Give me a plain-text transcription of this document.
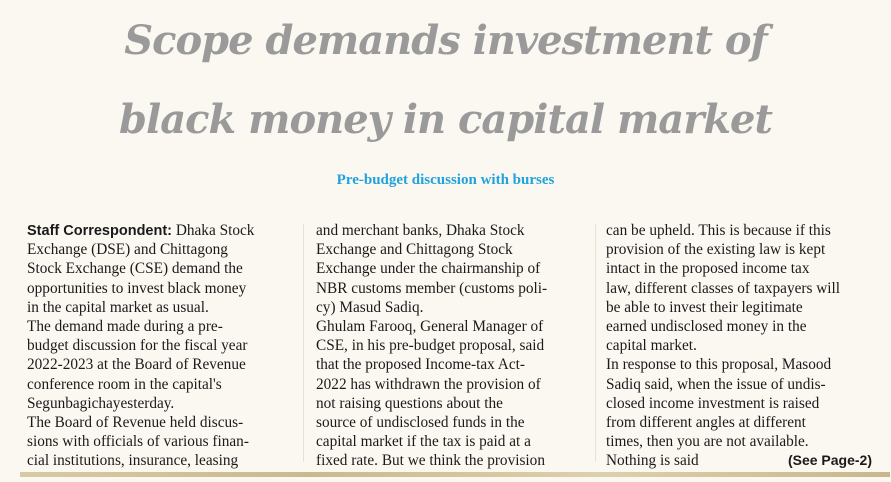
Scope demands investment of
black money in capital market
Pre-budget discussion with burses
Staff Correspondent: Dhaka Stock
Exchange (DSE) and Chittagong
Stock Exchange (CSE) demand the
opportunities to invest black money
in the capital market as usual.
The demand made during a pre-
budget discussion for the fiscal year
2022-2023 at the Board of Revenue
conference room in the capital's
Segunbagichayesterday.
The Board of Revenue held discus-
sions with officials of various finan-
cial institutions, insurance, leasing
and merchant banks, Dhaka Stock
Exchange and Chittagong Stock
Exchange under the chairmanship of
NBR customs member (customs poli-
cy) Masud Sadiq.
Ghulam Farooq, General Manager of
CSE, in his pre-budget proposal, said
that the proposed Income-tax Act-
2022 has withdrawn the provision of
not raising questions about the
source of undisclosed funds in the
capital market if the tax is paid at a
fixed rate. But we think the provision
can be upheld. This is because if this
provision of the existing law is kept
intact in the proposed income tax
law, different classes of taxpayers will
be able to invest their legitimate
earned undisclosed money in the
capital market.
In response to this proposal, Masood
Sadiq said, when the issue of undis-
closed income investment is raised
from different angles at different
times, then you are not available.
Nothing is said	(See Page-2)
